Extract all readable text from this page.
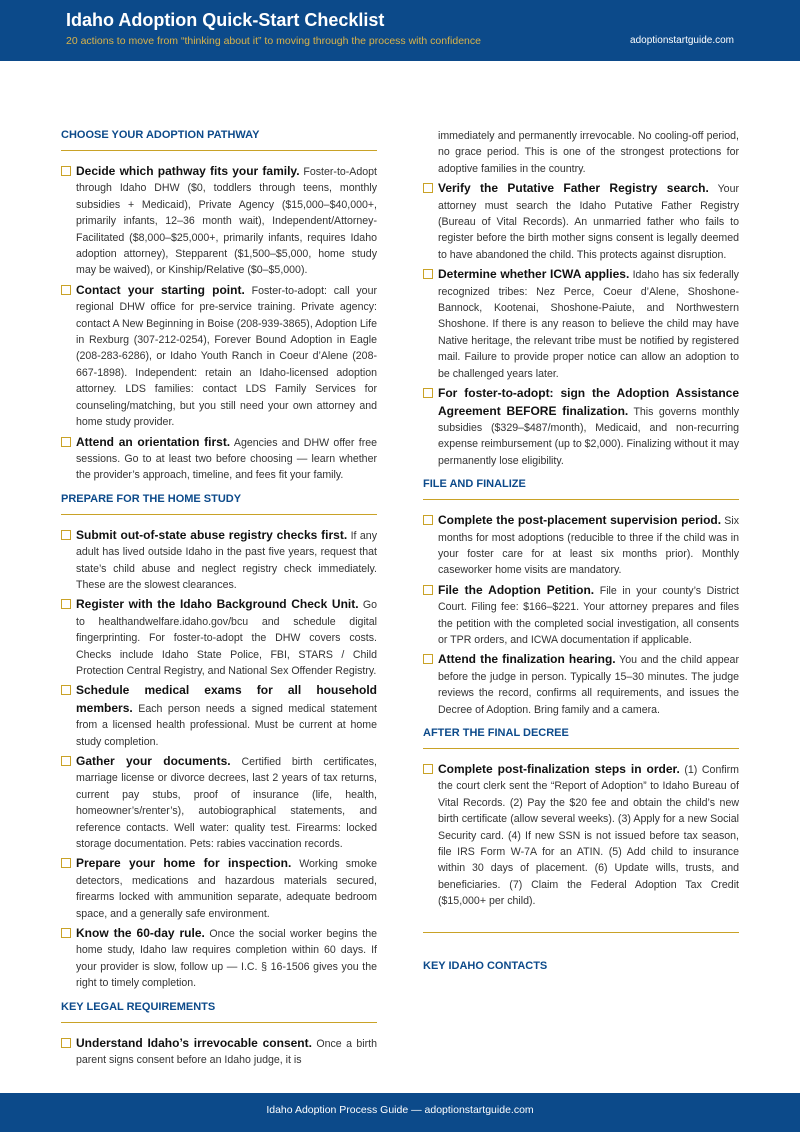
Idaho Adoption Quick-Start Checklist
20 actions to move from “thinking about it” to moving through the process with confidence	adoptionstartguide.com
CHOOSE YOUR ADOPTION PATHWAY
Decide which pathway fits your family. Foster-to-Adopt through Idaho DHW ($0, toddlers through teens, monthly subsidies + Medicaid), Private Agency ($15,000–$40,000+, primarily infants, 12–36 month wait), Independent/Attorney-Facilitated ($8,000–$25,000+, primarily infants, requires Idaho adoption attorney), Stepparent ($1,500–$5,000, home study may be waived), or Kinship/Relative ($0–$5,000).
Contact your starting point. Foster-to-adopt: call your regional DHW office for pre-service training. Private agency: contact A New Beginning in Boise (208-939-3865), Adoption Life in Rexburg (307-212-0254), Forever Bound Adoption in Eagle (208-283-6286), or Idaho Youth Ranch in Coeur d’Alene (208-667-1898). Independent: retain an Idaho-licensed adoption attorney. LDS families: contact LDS Family Services for counseling/matching, but you still need your own attorney and home study provider.
Attend an orientation first. Agencies and DHW offer free sessions. Go to at least two before choosing — learn whether the provider’s approach, timeline, and fees fit your family.
PREPARE FOR THE HOME STUDY
Submit out-of-state abuse registry checks first. If any adult has lived outside Idaho in the past five years, request that state’s child abuse and neglect registry check immediately. These are the slowest clearances.
Register with the Idaho Background Check Unit. Go to healthandwelfare.idaho.gov/bcu and schedule digital fingerprinting. For foster-to-adopt the DHW covers costs. Checks include Idaho State Police, FBI, STARS / Child Protection Central Registry, and National Sex Offender Registry.
Schedule medical exams for all household members. Each person needs a signed medical statement from a licensed health professional. Must be current at home study completion.
Gather your documents. Certified birth certificates, marriage license or divorce decrees, last 2 years of tax returns, current pay stubs, proof of insurance (life, health, homeowner’s/renter’s), autobiographical statements, and reference contacts. Well water: quality test. Firearms: locked storage documentation. Pets: rabies vaccination records.
Prepare your home for inspection. Working smoke detectors, medications and hazardous materials secured, firearms locked with ammunition separate, adequate bedroom space, and a generally safe environment.
Know the 60-day rule. Once the social worker begins the home study, Idaho law requires completion within 60 days. If your provider is slow, follow up — I.C. § 16-1506 gives you the right to timely completion.
KEY LEGAL REQUIREMENTS
Understand Idaho’s irrevocable consent. Once a birth parent signs consent before an Idaho judge, it is
immediately and permanently irrevocable. No cooling-off period, no grace period. This is one of the strongest protections for adoptive families in the country.
Verify the Putative Father Registry search. Your attorney must search the Idaho Putative Father Registry (Bureau of Vital Records). An unmarried father who fails to register before the birth mother signs consent is legally deemed to have abandoned the child. This protects against disruption.
Determine whether ICWA applies. Idaho has six federally recognized tribes: Nez Perce, Coeur d’Alene, Shoshone-Bannock, Kootenai, Shoshone-Paiute, and Northwestern Shoshone. If there is any reason to believe the child may have Native heritage, the relevant tribe must be notified by registered mail. Failure to provide proper notice can allow an adoption to be challenged years later.
For foster-to-adopt: sign the Adoption Assistance Agreement BEFORE finalization. This governs monthly subsidies ($329–$487/month), Medicaid, and non-recurring expense reimbursement (up to $2,000). Finalizing without it may permanently lose eligibility.
FILE AND FINALIZE
Complete the post-placement supervision period. Six months for most adoptions (reducible to three if the child was in your foster care for at least six months prior). Monthly caseworker home visits are mandatory.
File the Adoption Petition. File in your county’s District Court. Filing fee: $166–$221. Your attorney prepares and files the petition with the completed social investigation, all consents or TPR orders, and ICWA documentation if applicable.
Attend the finalization hearing. You and the child appear before the judge in person. Typically 15–30 minutes. The judge reviews the record, confirms all requirements, and issues the Decree of Adoption. Bring family and a camera.
AFTER THE FINAL DECREE
Complete post-finalization steps in order. (1) Confirm the court clerk sent the “Report of Adoption” to Idaho Bureau of Vital Records. (2) Pay the $20 fee and obtain the child’s new birth certificate (allow several weeks). (3) Apply for a new Social Security card. (4) If new SSN is not issued before tax season, file IRS Form W-7A for an ATIN. (5) Add child to insurance within 30 days of placement. (6) Update wills, trusts, and beneficiaries. (7) Claim the Federal Adoption Tax Credit ($15,000+ per child).
KEY IDAHO CONTACTS
Idaho Adoption Process Guide — adoptionstartguide.com
